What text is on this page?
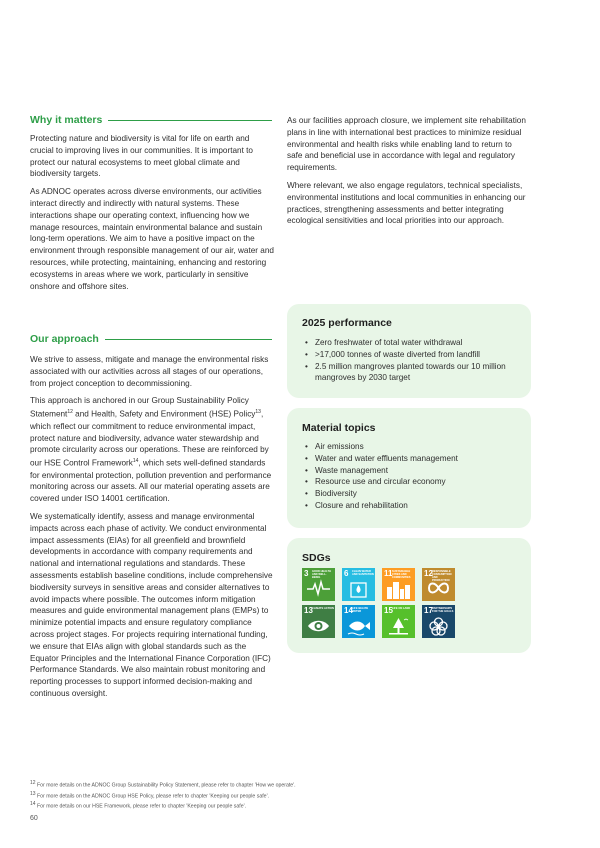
Why it matters

Protecting nature and biodiversity is vital for life on earth and crucial to improving lives in our communities. It is important to protect our natural ecosystems to meet global climate and biodiversity targets.

As ADNOC operates across diverse environments, our activities interact directly and indirectly with natural systems. These interactions shape our operating context, influencing how we manage resources, maintain environmental balance and sustain long-term operations. We aim to have a positive impact on the environment through responsible management of our air, water and resources, while protecting, maintaining, enhancing and restoring ecosystems in areas where we work, particularly in sensitive onshore and offshore sites.

As our facilities approach closure, we implement site rehabilitation plans in line with international best practices to minimize residual environmental and health risks while enabling land to return to safe and beneficial use in accordance with legal and regulatory requirements.

Where relevant, we also engage regulators, technical specialists, environmental institutions and local communities in enhancing our practices, strengthening assessments and better integrating ecological sensitivities and local priorities into our approach.

Our approach

We strive to assess, mitigate and manage the environmental risks associated with our activities across all stages of our operations, from project conception to decommissioning.

This approach is anchored in our Group Sustainability Policy Statement$^{12}$ and Health, Safety and Environment (HSE) Policy$^{13}$, which reflect our commitment to reduce environmental impact, protect nature and biodiversity, advance water stewardship and promote circularity across our operations. These are reinforced by our HSE Control Framework$^{14}$, which sets well-defined standards for environmental protection, pollution prevention and performance monitoring across our assets. All our material operating assets are covered under ISO 14001 certification.

We systematically identify, assess and manage environmental impacts across each phase of activity. We conduct environmental impact assessments (EIAs) for all greenfield and brownfield developments in accordance with company requirements and national and international regulations and standards. These assessments establish baseline conditions, include comprehensive biodiversity surveys in sensitive areas and consider alternatives to avoid impacts where possible. The outcomes inform mitigation measures and guide environmental management plans (EMPs) to minimize potential impacts and ensure regulatory compliance across project stages. For projects requiring international funding, we ensure that EIAs align with global standards such as the Equator Principles and the International Finance Corporation (IFC) Performance Standards. We also maintain robust monitoring and reporting processes to support informed decision-making and continuous oversight.

2025 performance
• Zero freshwater of total water withdrawal
• >17,000 tonnes of waste diverted from landfill
• 2.5 million mangroves planted towards our 10 million mangroves by 2030 target
Material topics
• Air emissions
• Water and water effluents management
• Waste management
• Resource use and circular economy
• Biodiversity
• Closure and rehabilitation
SDGs
3 GOOD HEALTH AND WELL-BEING	6 CLEAN WATER AND SANITATION 11 SUSTAINABLE CITIES AND COMMUNITIES	12 RESPONSIBLE CONSUMPTION AND PRODUCTION
13 CLIMATE ACTION 14 LIFE BELOW WATER	15 LIFE ON LAND	17 PARTNERSHIPS FOR THE GOALS
$^{12}$ For more details on the ADNOC Group Sustainability Policy Statement, please refer to chapter 'How we operate'.
$^{13}$ For more details on the ADNOC Group HSE Policy, please refer to chapter 'Keeping our people safe'.
$^{14}$ For more details on our HSE Framework, please refer to chapter 'Keeping our people safe'.
60
